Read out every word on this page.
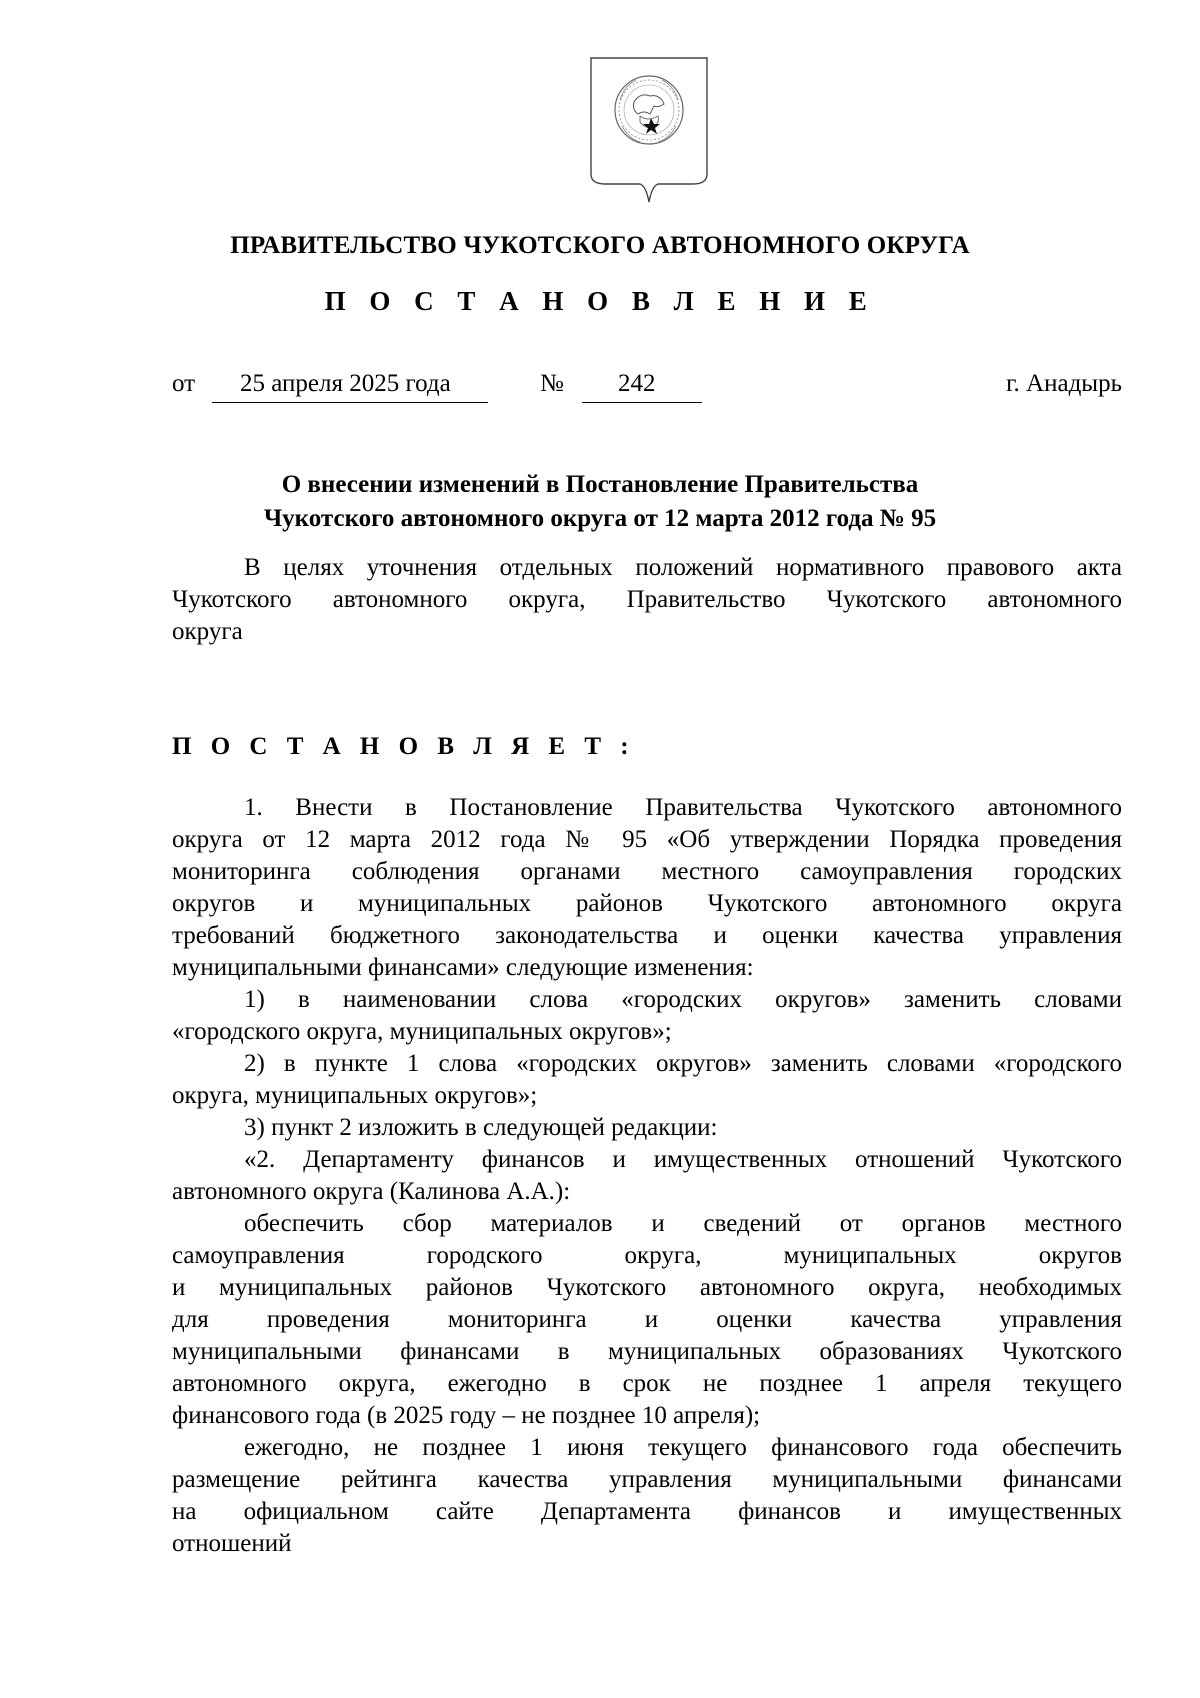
ПРАВИТЕЛЬСТВО ЧУКОТСКОГО АВТОНОМНОГО ОКРУГА
П О С Т А Н О В Л Е Н И Е
от 25 апреля 2025 года	№ 242	г. Анадырь
О внесении изменений в Постановление Правительства
Чукотского автономного округа от 12 марта 2012 года № 95
В целях уточнения отдельных положений нормативного правового акта
Чукотского автономного округа, Правительство Чукотского автономного
округа
П О С Т А Н О В Л Я Е Т :

1. Внести в Постановление Правительства Чукотского автономного
округа от 12 марта 2012 года № 95 «Об утверждении Порядка проведения
мониторинга соблюдения органами местного самоуправления городских
округов и муниципальных районов Чукотского автономного округа
требований бюджетного законодательства и оценки качества управления
муниципальными финансами» следующие изменения:

1) в наименовании слова «городских округов» заменить словами
«городского округа, муниципальных округов»;

2) в пункте 1 слова «городских округов» заменить словами «городского
округа, муниципальных округов»;

3) пункт 2 изложить в следующей редакции:

«2. Департаменту финансов и имущественных отношений Чукотского
автономного округа (Калинова А.А.):

обеспечить сбор материалов и сведений от органов местного
самоуправления городского округа, муниципальных округов
и муниципальных районов Чукотского автономного округа, необходимых
для проведения мониторинга и оценки качества управления
муниципальными финансами в муниципальных образованиях Чукотского
автономного округа, ежегодно в срок не позднее 1 апреля текущего
финансового года (в 2025 году – не позднее 10 апреля);

ежегодно, не позднее 1 июня текущего финансового года обеспечить
размещение рейтинга качества управления муниципальными финансами
на официальном сайте Департамента финансов и имущественных
отношений
